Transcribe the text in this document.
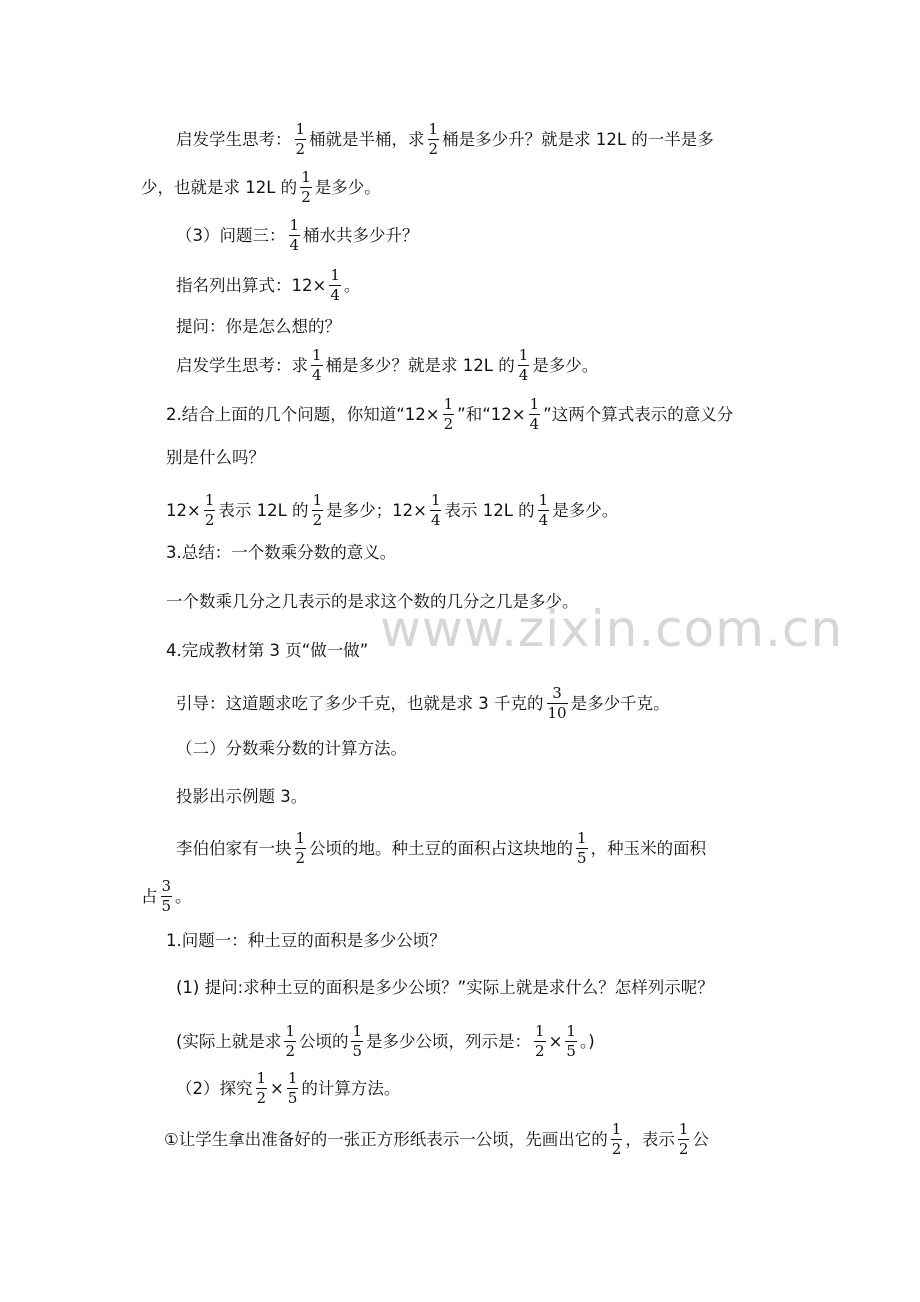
www.zixin.com.cn
启发学生思考： $\frac{1}{2}$ 桶就是半桶，求 $\frac{1}{2}$ 桶是多少升？就是求 12L 的一半是多
少，也就是求 12L 的 $\frac{1}{2}$ 是多少。
（3）问题三： $\frac{1}{4}$ 桶水共多少升？
指名列出算式：$12\times \frac{1}{4}$ 。
提问：你是怎么想的？
启发学生思考：求 $\frac{1}{4}$ 桶是多少？就是求 12L 的 $\frac{1}{4}$ 是多少。
2.结合上面的几个问题，你知道“$12\times \frac{1}{2}$ ”和“$12\times \frac{1}{4}$ ”这两个算式表示的意义分
别是什么吗？
$12\times \frac{1}{2}$ 表示 12L 的 $\frac{1}{2}$ 是多少；$12\times \frac{1}{4}$ 表示 12L 的 $\frac{1}{4}$ 是多少。
3.总结：一个数乘分数的意义。
一个数乘几分之几表示的是求这个数的几分之几是多少。
4.完成教材第 3 页“做一做”
引导：这道题求吃了多少千克，也就是求 3 千克的 $\frac{3}{10}$ 是多少千克。
（二）分数乘分数的计算方法。
投影出示例题 3。
李伯伯家有一块 $\frac{1}{2}$ 公顷的地。种土豆的面积占这块地的 $\frac{1}{5}$ ，种玉米的面积
占 $\frac{3}{5}$ 。
1.问题一：种土豆的面积是多少公顷？
(1) 提问:求种土豆的面积是多少公顷？”实际上就是求什么？怎样列示呢？
(实际上就是求 $\frac{1}{2}$ 公顷的 $\frac{1}{5}$ 是多少公顷，列示是： $\frac{1}{2} \times \frac{1}{5}$ 。)
（2）探究 $\frac{1}{2} \times \frac{1}{5}$ 的计算方法。
①让学生拿出准备好的一张正方形纸表示一公顷，先画出它的 $\frac{1}{2}$ ，表示 $\frac{1}{2}$ 公
